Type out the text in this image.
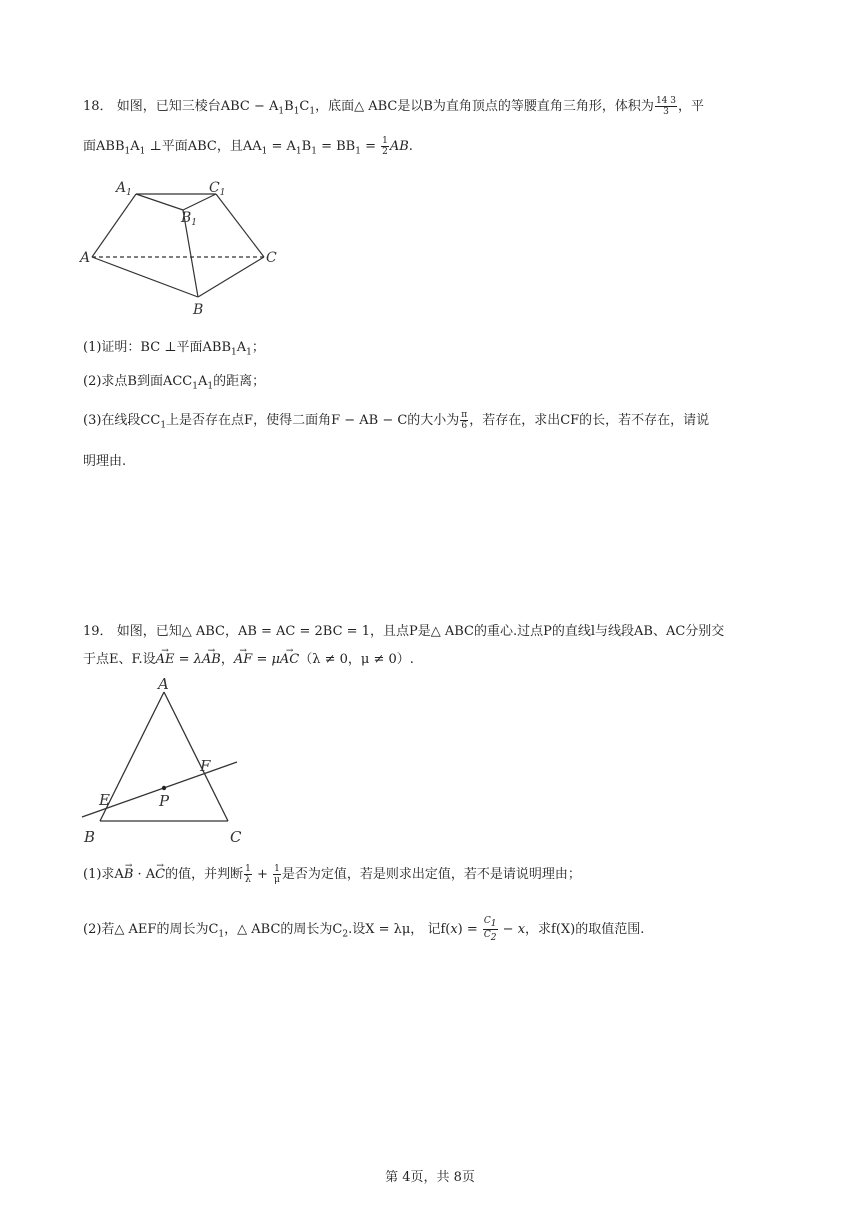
18． 如图，已知三棱台ABC − $A_1B_1C_1$，底面△ ABC是以B为直角顶点的等腰直角三角形，体积为 $\frac{14 3}{3}$ ，平
面$ABB_1A_1$ ⊥平面ABC，且$AA_1 = A_1B_1 = BB_1 = \frac{1}{2}$ AB.
$A_1$	$C_1$
$B_1$
A	C
B
(1)证明：BC ⊥平面$ABB_1A_1$；
(2)求点B到面$ACC_1A_1$的距离；
(3)在线段$CC_1$上是否存在点F，使得二面角F − AB − C的大小为 $\frac{\pi}{6}$ ，若存在，求出CF的长，若不存在，请说
明理由.
19． 如图，已知△ ABC，AB = AC = 2BC = 1，且点P是△ ABC的重心.过点P的直线l与线段AB、AC分别交
于点E、F.设→ AE = λ→ AB，→ AF = μ→ AC（λ ≠ 0，μ ≠ 0）.
A
B	C
E
F
P
(1)求A→ B · A→ C的值，并判断 $\frac{1}{\lambda} + \frac{1}{\mu}$ 是否为定值，若是则求出定值，若不是请说明理由；
(2)若△ AEF的周长为$C_1$，△ ABC的周长为$C_2$.设X = λμ， 记$f(x) = \frac{C_1}{C_2} - x$，求f(X)的取值范围.
第 4页，共 8页
